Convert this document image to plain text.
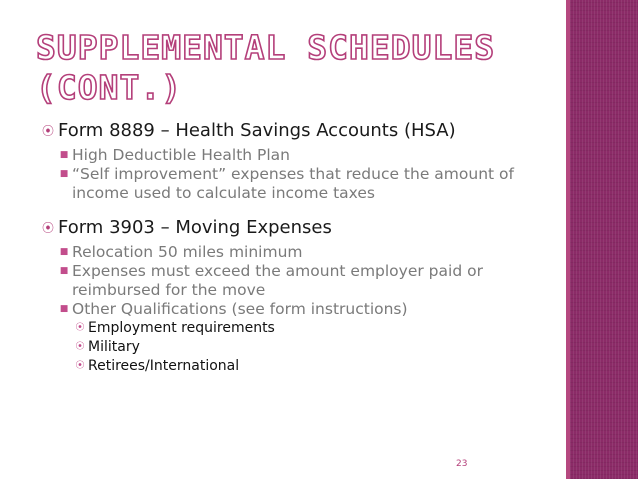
SUPPLEMENTAL SCHEDULES
(CONT.)
⦿ Form 8889 – Health Savings Accounts (HSA)
■ High Deductible Health Plan
■ “Self improvement” expenses that reduce the amount of income used to calculate income taxes
⦿ Form 3903 – Moving Expenses
■ Relocation 50 miles minimum
■ Expenses must exceed the amount employer paid or reimbursed for the move
■ Other Qualifications (see form instructions)
⦿ Employment requirements
⦿ Military
⦿ Retirees/International
23
